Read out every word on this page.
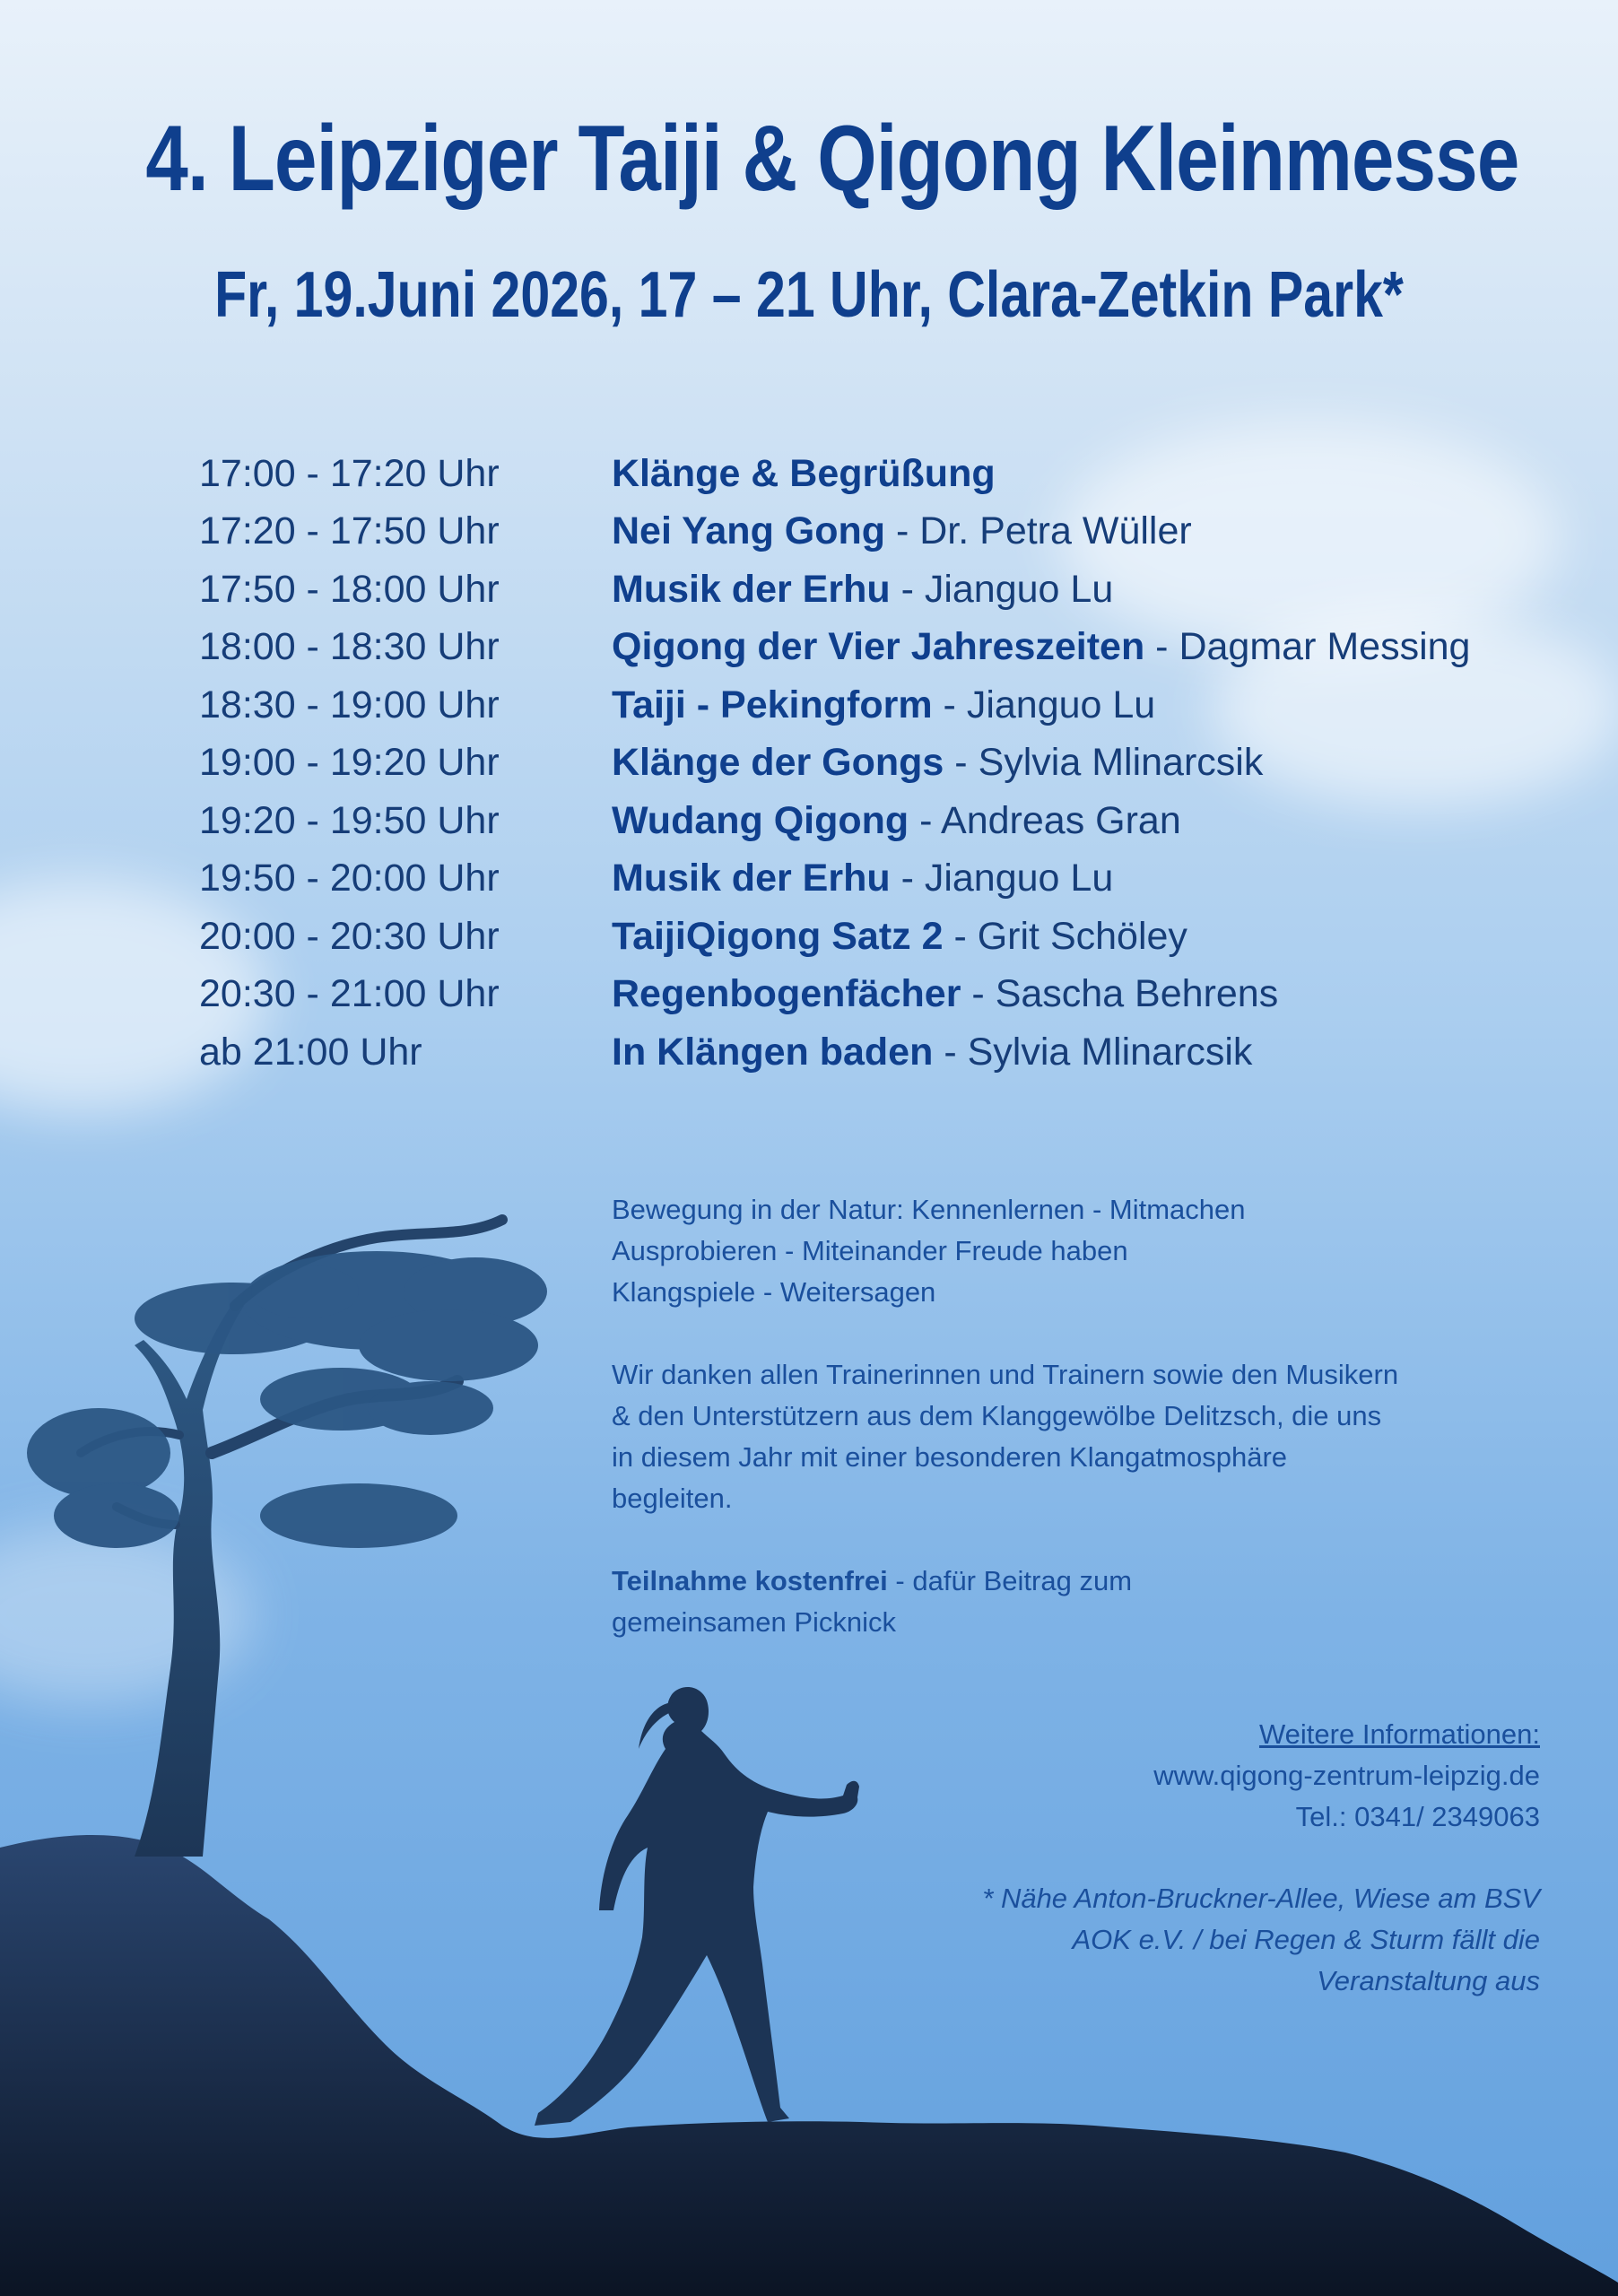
4. Leipziger Taiji & Qigong Kleinmesse
Fr, 19.Juni 2026, 17 – 21 Uhr, Clara-Zetkin Park*
17:00 - 17:20 Uhr	Klänge & Begrüßung
17:20 - 17:50 Uhr	Nei Yang Gong - Dr. Petra Wüller
17:50 - 18:00 Uhr	Musik der Erhu - Jianguo Lu
18:00 - 18:30 Uhr	Qigong der Vier Jahreszeiten - Dagmar Messing
18:30 - 19:00 Uhr	Taiji - Pekingform - Jianguo Lu
19:00 - 19:20 Uhr	Klänge der Gongs - Sylvia Mlinarcsik
19:20 - 19:50 Uhr	Wudang Qigong - Andreas Gran
19:50 - 20:00 Uhr	Musik der Erhu - Jianguo Lu
20:00 - 20:30 Uhr	TaijiQigong Satz 2 - Grit Schöley
20:30 - 21:00 Uhr	Regenbogenfächer - Sascha Behrens
ab 21:00 Uhr	In Klängen baden - Sylvia Mlinarcsik

Bewegung in der Natur: Kennenlernen - Mitmachen
Ausprobieren - Miteinander Freude haben
Klangspiele - Weitersagen

Wir danken allen Trainerinnen und Trainern sowie den Musikern
& den Unterstützern aus dem Klanggewölbe Delitzsch, die uns
in diesem Jahr mit einer besonderen Klangatmosphäre
begleiten.

Teilnahme kostenfrei - dafür Beitrag zum
gemeinsamen Picknick

Weitere Informationen:
www.qigong-zentrum-leipzig.de
Tel.: 0341/ 2349063
* Nähe Anton-Bruckner-Allee, Wiese am BSV
AOK e.V. / bei Regen & Sturm fällt die
Veranstaltung aus
